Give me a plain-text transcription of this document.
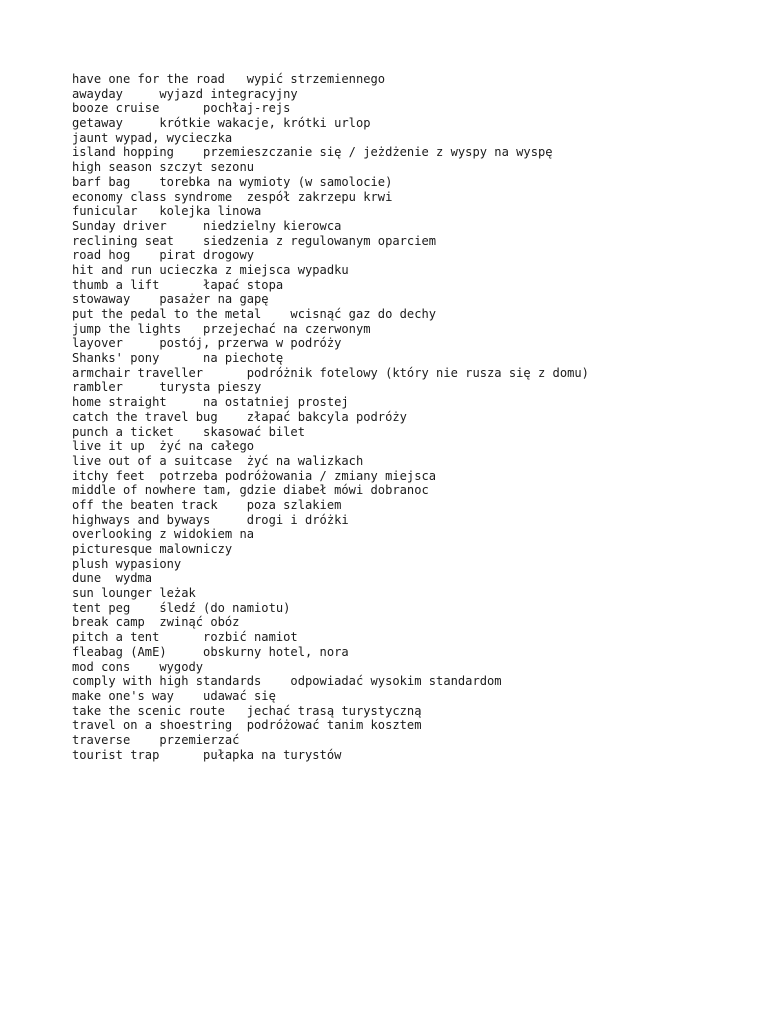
have one for the road   wypić strzemiennego
awayday     wyjazd integracyjny
booze cruise      pochłaj-rejs
getaway     krótkie wakacje, krótki urlop
jaunt wypad, wycieczka
island hopping    przemieszczanie się / jeżdżenie z wyspy na wyspę
high season szczyt sezonu
barf bag    torebka na wymioty (w samolocie)
economy class syndrome  zespół zakrzepu krwi
funicular   kolejka linowa
Sunday driver     niedzielny kierowca
reclining seat    siedzenia z regulowanym oparciem
road hog    pirat drogowy
hit and run ucieczka z miejsca wypadku
thumb a lift      łapać stopa
stowaway    pasażer na gapę
put the pedal to the metal    wcisnąć gaz do dechy
jump the lights   przejechać na czerwonym
layover     postój, przerwa w podróży
Shanks' pony      na piechotę
armchair traveller      podróżnik fotelowy (który nie rusza się z domu)
rambler     turysta pieszy
home straight     na ostatniej prostej
catch the travel bug    złapać bakcyla podróży
punch a ticket    skasować bilet
live it up  żyć na całego
live out of a suitcase  żyć na walizkach
itchy feet  potrzeba podróżowania / zmiany miejsca
middle of nowhere tam, gdzie diabeł mówi dobranoc
off the beaten track    poza szlakiem
highways and byways     drogi i dróżki
overlooking z widokiem na
picturesque malowniczy
plush wypasiony
dune  wydma
sun lounger leżak
tent peg    śledź (do namiotu)
break camp  zwinąć obóz
pitch a tent      rozbić namiot
fleabag (AmE)     obskurny hotel, nora
mod cons    wygody
comply with high standards    odpowiadać wysokim standardom
make one's way    udawać się
take the scenic route   jechać trasą turystyczną
travel on a shoestring  podróżować tanim kosztem
traverse    przemierzać
tourist trap      pułapka na turystów
